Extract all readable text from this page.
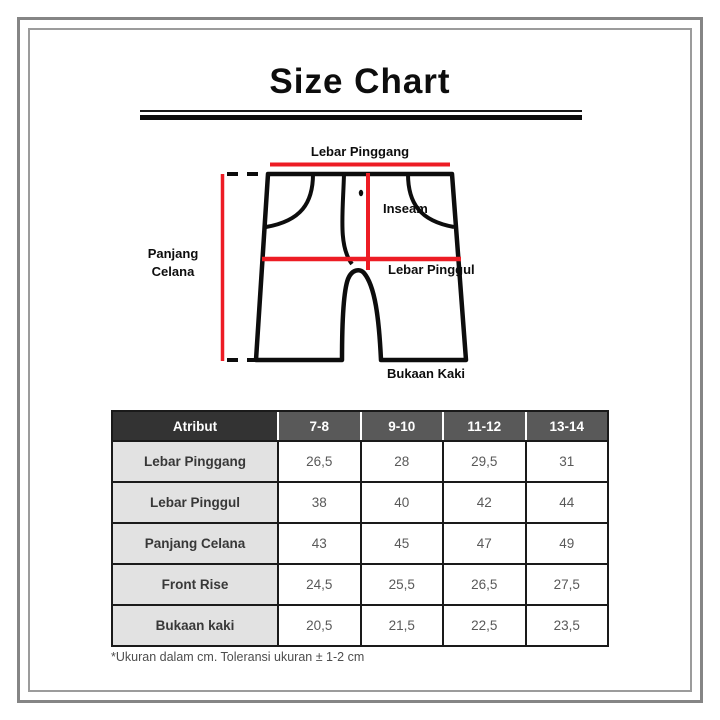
Size Chart
Lebar Pinggang
Inseam
Lebar Pinggul
Panjang
Celana
Bukaan Kaki
Atribut	7-8	9-10	11-12	13-14
Lebar Pinggang	26,5	28	29,5	31
Lebar Pinggul	38	40	42	44
Panjang Celana	43	45	47	49
Front Rise	24,5	25,5	26,5	27,5
Bukaan kaki	20,5	21,5	22,5	23,5
*Ukuran dalam cm. Toleransi ukuran ± 1-2 cm
